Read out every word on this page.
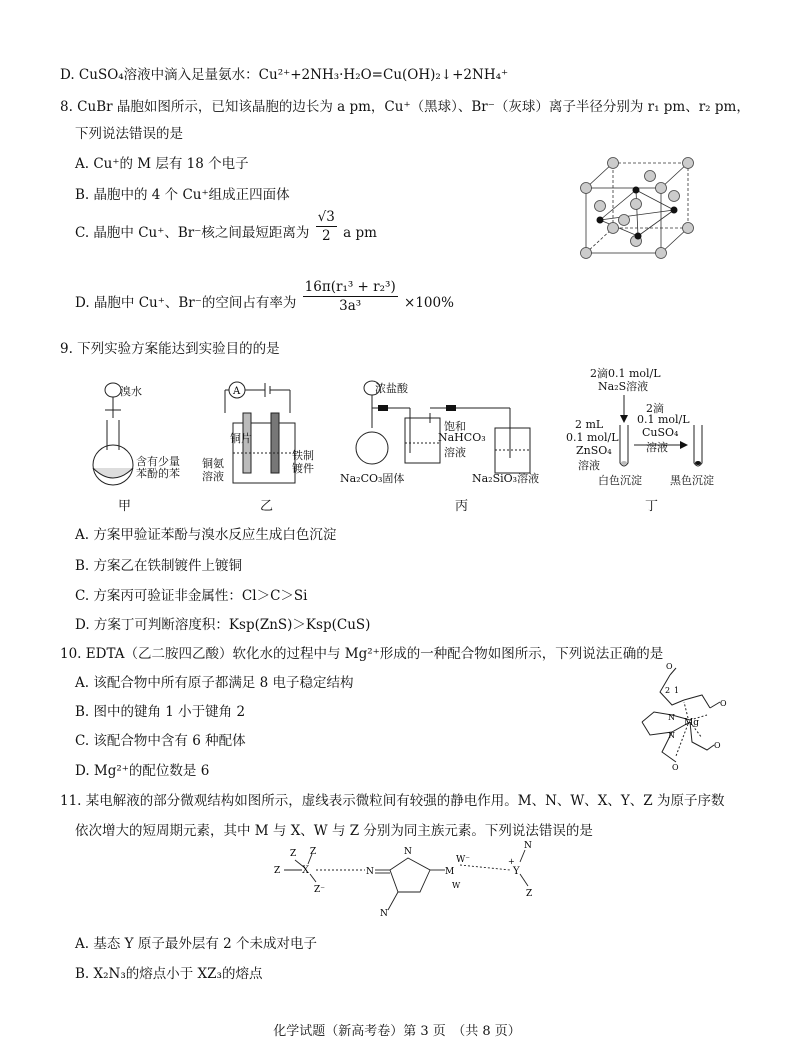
D. CuSO₄溶液中滴入足量氨水：Cu²⁺+2NH₃·H₂O=Cu(OH)₂↓+2NH₄⁺
8. CuBr 晶胞如图所示，已知该晶胞的边长为 a pm，Cu⁺（黑球）、Br⁻（灰球）离子半径分别为 r₁ pm、r₂ pm，
下列说法错误的是
A. Cu⁺的 M 层有 18 个电子
B. 晶胞中的 4 个 Cu⁺组成正四面体
C. 晶胞中 Cu⁺、Br⁻核之间最短距离为 $\frac{√3}{2}$ a pm
D. 晶胞中 Cu⁺、Br⁻的空间占有率为 $\frac{\text{16π(r₁³ + r₂³)}}{\text{3a³}} \times 100\%$
9. 下列实验方案能达到实验目的的是
溴水
含有少量
苯酚的苯
甲
A
铜片
铜氨
溶液
铁制
镀件
乙
浓盐酸
饱和
NaHCO₃
溶液
Na₂CO₃固体	Na₂SiO₃溶液
丙
2滴0.1 mol/L
Na₂S溶液
2 mL
0.1 mol/L
ZnSO₄
溶液
2滴
0.1 mol/L
CuSO₄
溶液
白色沉淀	黑色沉淀
丁
A. 方案甲验证苯酚与溴水反应生成白色沉淀
B. 方案乙在铁制镀件上镀铜
C. 方案丙可验证非金属性：Cl＞C＞Si
D. 方案丁可判断溶度积：Ksp(ZnS)＞Ksp(CuS)
10. EDTA（乙二胺四乙酸）软化水的过程中与 Mg²⁺形成的一种配合物如图所示，下列说法正确的是
A. 该配合物中所有原子都满足 8 电子稳定结构
B. 图中的键角 1 小于键角 2
C. 该配合物中含有 6 种配体
D. Mg²⁺的配位数是 6
O
2 1
Mg
N
N
O
O
O
11. 某电解液的部分微观结构如图所示，虚线表示微粒间有较强的静电作用。M、N、W、X、Y、Z 为原子序数
依次增大的短周期元素，其中 M 与 X、W 与 Z 分别为同主族元素。下列说法错误的是
Z Z
Z X
Z⁻
N
N
M
W
W⁻
N
+
Y
N
Z
A. 基态 Y 原子最外层有 2 个未成对电子
B. X₂N₃的熔点小于 XZ₃的熔点
化学试题（新高考卷）第 3 页　（共 8 页）
